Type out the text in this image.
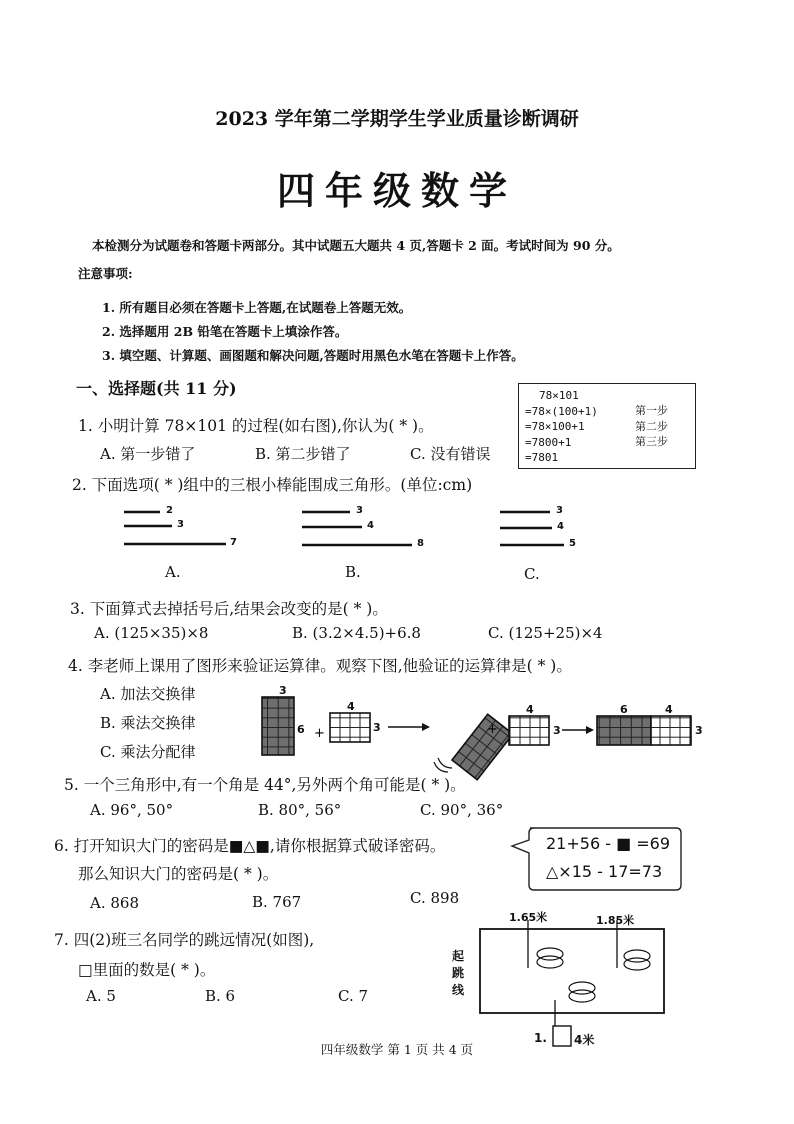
2023 学年第二学期学生学业质量诊断调研
四年级数学
本检测分为试题卷和答题卡两部分。其中试题五大题共 4 页,答题卡 2 面。考试时间为 90 分。
注意事项:
1. 所有题目必须在答题卡上答题,在试题卷上答题无效。
2. 选择题用 2B 铅笔在答题卡上填涂作答。
3. 填空题、计算题、画图题和解决问题,答题时用黑色水笔在答题卡上作答。
一、选择题(共 11 分)
1. 小明计算 78×101 的过程(如右图),你认为( * )。
A. 第一步错了	B. 第二步错了	C. 没有错误
78×101
=78×(100+1)
=78×100+1
=7800+1
=7801
第一步
第二步
第三步
2. 下面选项( * )组中的三根小棒能围成三角形。(单位:cm)
2
3
7
3
4
8
3
4
5
A.	B.	C.
3. 下面算式去掉括号后,结果会改变的是( * )。
A. (125×35)×8	B. (3.2×4.5)+6.8	C. (125+25)×4
4. 李老师上课用了图形来验证运算律。观察下图,他验证的运算律是( * )。
A. 加法交换律
B. 乘法交换律
C. 乘法分配律
+	+
3
6
4
3
4
3
6	4
3
5. 一个三角形中,有一个角是 44°,另外两个角可能是( * )。
A. 96°, 50°	B. 80°, 56°	C. 90°, 36°
6. 打开知识大门的密码是■△■,请你根据算式破译密码。
那么知识大门的密码是( * )。
A. 868	B. 767	C. 898
21+56 - ■ =69
△×15 - 17=73
7. 四(2)班三名同学的跳远情况(如图),
□里面的数是( * )。
A. 5	B. 6	C. 7
1.65米	1.85米
起
跳
线
1. 4米
四年级数学 第 1 页 共 4 页
